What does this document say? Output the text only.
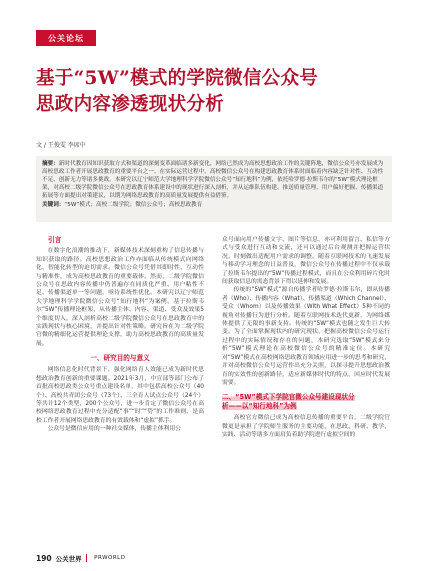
公关论坛
基于“5W”模式的学院微信公众号
思政内容渗透现状分析
文 / 王俊雯 李席中

摘要：新时代教育因知识获取方式和渠道的深刻变革面临诸多新变化，网络已然成为高校思想政治工作的关键阵地，微信公众号亦发展成为高校思政工作者开展思政教育的重要平台之一。在实际运营过程中，高校微信公众号在构建思政教育体系时面临着内容缺乏针对性、互动性不足、创新无力等诸多挑战。本研究以辽宁师范大学地理科学学院微信公众号“知行地科”为例，依托哈罗德·拉斯韦尔的“5W”模式理论框架，对高校二级学院微信公众号在思政教育体系建设中的现状进行深入剖析，并从运维队伍构建、推送质量管理、用户偏好把握、传播渠道拓展等方面提出对策建议，以期为网络思政教育的高质量发展提供有益借鉴。

关键词：“5W”模式；高校二级学院；微信公众号；高校思政教育

引言

在数字化浪潮的推动下，新媒体技术深刻重构了信息传播与知识获取的路径。高校思想政治工作亦面临从传统模式向网络化、智能化转型的迫切需求。微信公众号凭借其即时性、互动性与精准性，成为高校思政教育的重要载体。然而，二级学院微信公众号在思政内容传播中仍普遍存在同质化严重、用户粘性不足、传播渠道单一等问题，亟待系统性优化。本研究以辽宁师范大学地理科学学院微信公众号“知行地科”为案例，基于拉斯韦尔“5W”传播理论框架，从传播主体、内容、渠道、受众及效果5个维度切入，深入剖析高校二级学院微信公众号在思政教育中的实践现状与核心困境，并提出针对性策略。研究旨在为二级学院官微的精细化运营提供理论支撑，助力高校思政教育的高质量发展。

一、研究目的与意义

网络信息化时代背景下，强化网络育人效能已成为新时代思想政治教育创新的重要课题。2021年3月，中宣部等部门公布了首批高校思政类公众号重点建设名单，其中包括高校公众号（40个）、高校共青团公众号（73个）、三全育人试点公众号（24个）等共计12个类型，200个公众号，进一步肯定了微信公众号在高校网络思政教育过程中充分适配“事”“时”“势”的工作准则，是高校工作者开展网络思政教育的有效载体和“虚拟”抓手。

公众号是微信应用的一种社交媒体，传播主体利用公

众号面向用户传播文字、图片等信息，亦可利用留言、私信等方式与受众进行互动和交流，还可以通过后台观测并把握运营状况。时刻做出适配用户需求的调整。随着互联网技术的飞速发展与移动学习理念的日益普及，微信公众号在传播过程中不仅承载了拉斯韦尔提出的“5W”传播过程模式，而且在公众利用碎片化时间获取信息的需态背景下得以延伸和发展。

传统的“5W”模式”源自传播学者哈罗德·拉斯韦尔，即从传播者（Who）、传播内容（What）、传播渠道（Which Channel）、受众（Whom）以及传播效果（With What Effect）5种不同的视角对传播行为进行分析。随着互联网技术迭代更新，为网络媒体提供了无限的事新支持。传统的“5W”模式也随之发生巨大转变。为了全面掌握现状内的研究现状，把握高校微信公众号运行过程中的实际情况和存在的问题，本研究选取“5W”模式来分析“5W”模式理论在高校微信公众号的精准定位。本研究对“5W”模式在高校网络思政教育领域应用进一步的思考和研究，并对高校微信公众号运营作出充分关照，以探寻提升思想政治教育的实效性的创新路径，适应新媒体时代的特点，回应时代发展需要。

二、“5W”模式下学院官微公众号建设现状分
析——以“知行地科”为例

高校官方微信已成为高校信息传播的重要平台，二级学院官微更是承担了学院师生服务的主要功能，在思政、科研、教学、实践、活动等诸多方面肩负着助学院进行虚拟空间的

190 公关世界 PRWORLD
